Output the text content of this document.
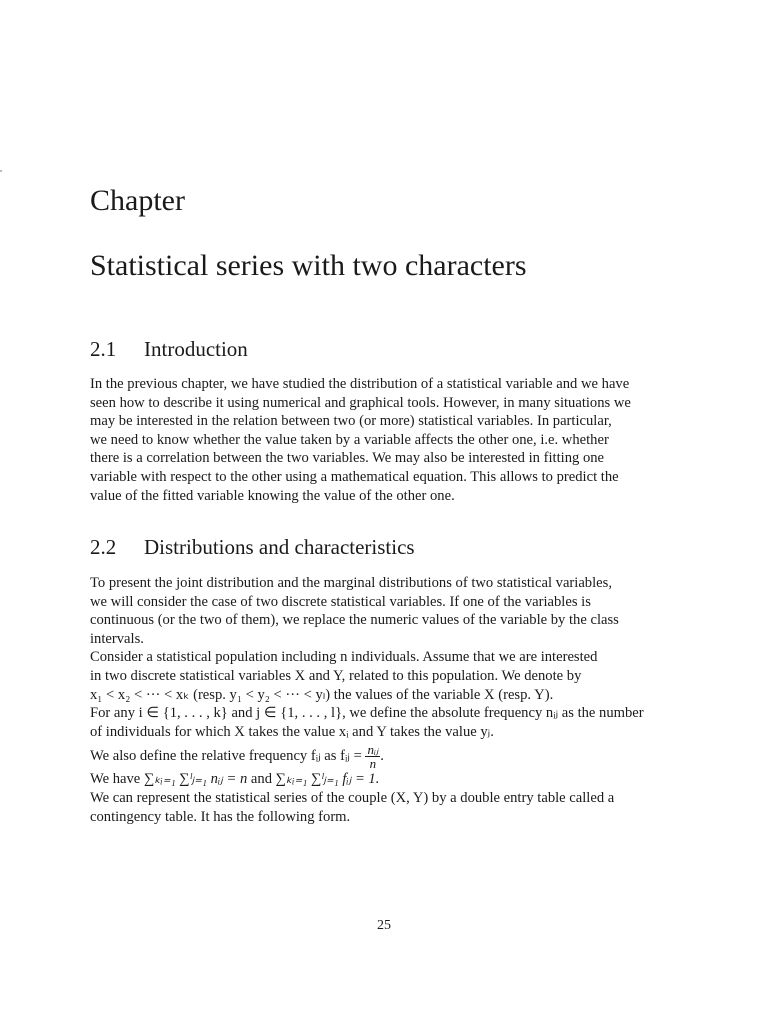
Chapter
Statistical series with two characters
2.1 Introduction

In the previous chapter, we have studied the distribution of a statistical variable and we have
seen how to describe it using numerical and graphical tools. However, in many situations we
may be interested in the relation between two (or more) statistical variables. In particular,
we need to know whether the value taken by a variable affects the other one, i.e. whether
there is a correlation between the two variables. We may also be interested in fitting one
variable with respect to the other using a mathematical equation. This allows to predict the
value of the fitted variable knowing the value of the other one.

2.2 Distributions and characteristics

To present the joint distribution and the marginal distributions of two statistical variables,
we will consider the case of two discrete statistical variables. If one of the variables is
continuous (or the two of them), we replace the numeric values of the variable by the class
intervals.
Consider a statistical population including n individuals. Assume that we are interested
in two discrete statistical variables X and Y, related to this population. We denote by
x₁ < x₂ < ··· < xₖ (resp. y₁ < y₂ < ··· < yₗ) the values of the variable X (resp. Y).
For any i ∈ {1, . . . , k} and j ∈ {1, . . . , l}, we define the absolute frequency nᵢⱼ as the number
of individuals for which X takes the value xᵢ and Y takes the value yⱼ.
We also define the relative frequency fᵢⱼ as fᵢⱼ = $\frac{\text{nᵢⱼ}}{n}$ .
We have ∑ₖᵢ₌₁ ∑ˡⱼ₌₁ nᵢⱼ = n and ∑ₖᵢ₌₁ ∑ˡⱼ₌₁ fᵢⱼ = 1.
We can represent the statistical series of the couple (X, Y) by a double entry table called a
contingency table. It has the following form.

25
